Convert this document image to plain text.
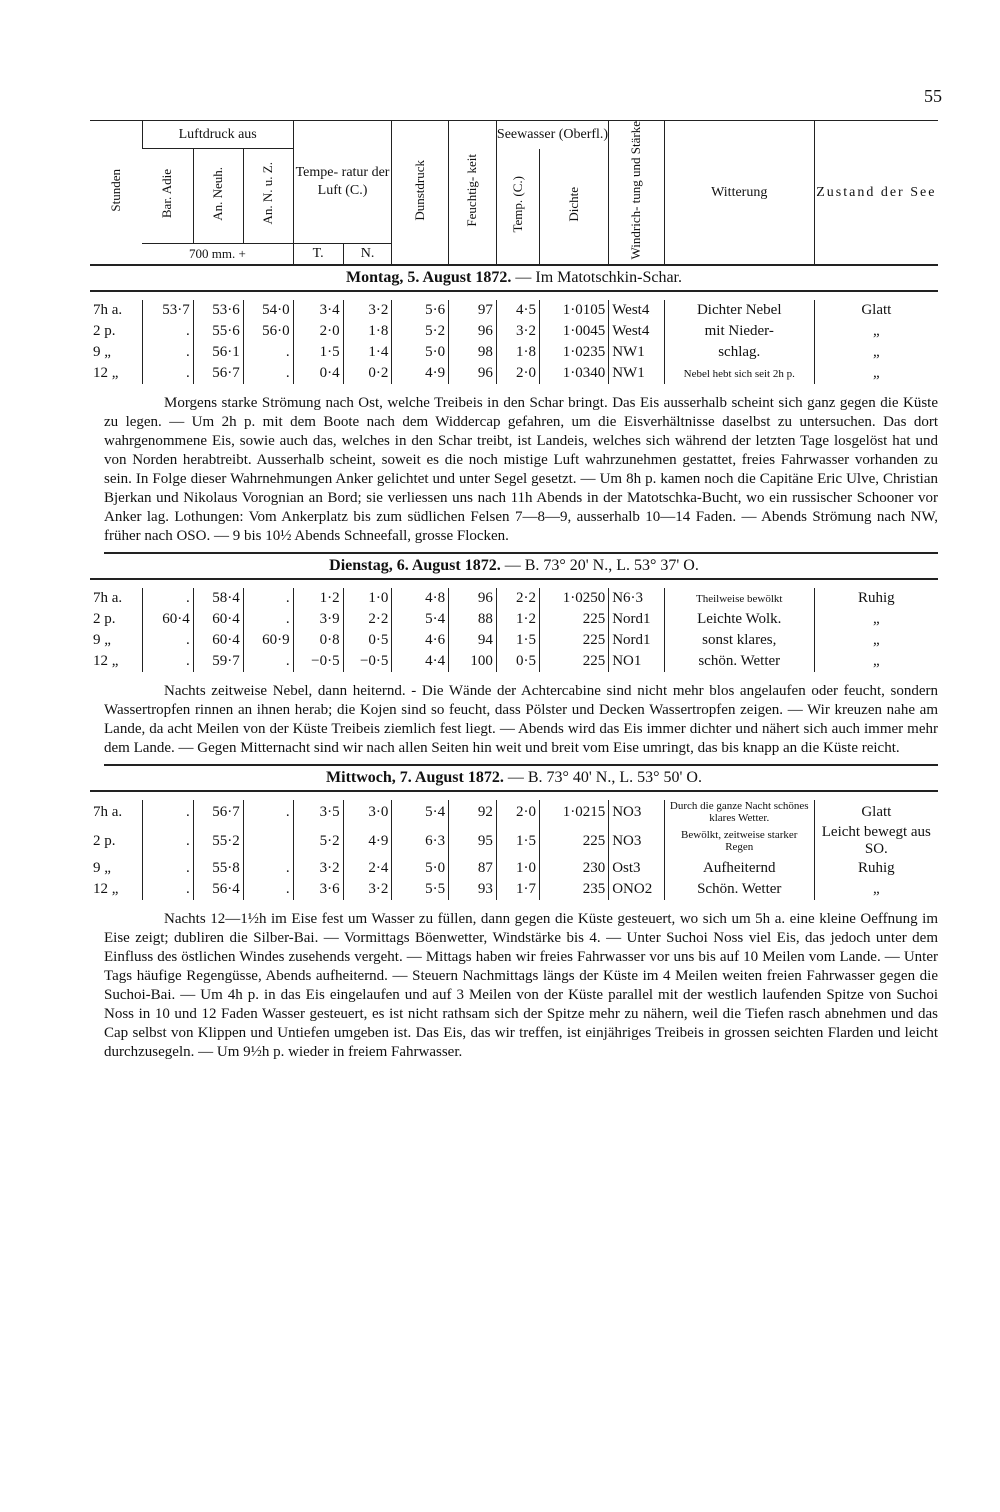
55
Stunden	Luftdruck aus			Tempe- ratur der Luft (C.)		Dunstdruck	Feuchtig- keit	Seewasser (Oberfl.)		Windrich- tung und Stärke	Witterung	Zustand der See
	Bar. Adie	An. Neuh.	An. N. u. Z.					Temp. (C.)	Dichte			
	700 mm. +			T.	N.							
Montag, 5. August 1872. — Im Matotschkin-Schar.
7h a.	53·7	53·6	54·0	3·4	3·2	5·6	97	4·5	1·0105	West4	Dichter Nebel	Glatt
2 p.	.	55·6	56·0	2·0	1·8	5·2	96	3·2	1·0045	West4	mit Nieder-	„
9 „	.	56·1	.	1·5	1·4	5·0	98	1·8	1·0235	NW1	schlag.	„
12 „	.	56·7	.	0·4	0·2	4·9	96	2·0	1·0340	NW1	Nebel hebt sich seit 2h p.	„
Morgens starke Strömung nach Ost, welche Treibeis in den Schar bringt. Das Eis ausserhalb scheint sich ganz gegen die Küste zu legen. — Um 2h p. mit dem Boote nach dem Widdercap gefahren, um die Eisverhältnisse daselbst zu untersuchen. Das dort wahrgenommene Eis, sowie auch das, welches in den Schar treibt, ist Landeis, welches sich während der letzten Tage losgelöst hat und von Norden herabtreibt. Ausserhalb scheint, soweit es die noch mistige Luft wahrzunehmen gestattet, freies Fahrwasser vorhanden zu sein. In Folge dieser Wahrnehmungen Anker gelichtet und unter Segel gesetzt. — Um 8h p. kamen noch die Capitäne Eric Ulve, Christian Bjerkan und Nikolaus Vorognian an Bord; sie verliessen uns nach 11h Abends in der Matotschka-Bucht, wo ein russischer Schooner vor Anker lag. Lothungen: Vom Ankerplatz bis zum südlichen Felsen 7—8—9, ausserhalb 10—14 Faden. — Abends Strömung nach NW, früher nach OSO. — 9 bis 10½ Abends Schneefall, grosse Flocken.
Dienstag, 6. August 1872. — B. 73° 20' N., L. 53° 37' O.
7h a.	.	58·4	.	1·2	1·0	4·8	96	2·2	1·0250	N6·3	Theilweise bewölkt	Ruhig
2 p.	60·4	60·4	.	3·9	2·2	5·4	88	1·2	225	Nord1	Leichte Wolk.	„
9 „	.	60·4	60·9	0·8	0·5	4·6	94	1·5	225	Nord1	sonst klares,	„
12 „	.	59·7	.	−0·5	−0·5	4·4	100	0·5	225	NO1	schön. Wetter	„
Nachts zeitweise Nebel, dann heiternd. - Die Wände der Achtercabine sind nicht mehr blos angelaufen oder feucht, sondern Wassertropfen rinnen an ihnen herab; die Kojen sind so feucht, dass Pölster und Decken Wassertropfen zeigen. — Wir kreuzen nahe am Lande, da acht Meilen von der Küste Treibeis ziemlich fest liegt. — Abends wird das Eis immer dichter und nähert sich auch immer mehr dem Lande. — Gegen Mitternacht sind wir nach allen Seiten hin weit und breit vom Eise umringt, das bis knapp an die Küste reicht.
Mittwoch, 7. August 1872. — B. 73° 40' N., L. 53° 50' O.
7h a.	.	56·7	.	3·5	3·0	5·4	92	2·0	1·0215	NO3	Durch die ganze Nacht schönes klares Wetter.	Glatt
2 p.	.	55·2		5·2	4·9	6·3	95	1·5	225	NO3	Bewölkt, zeitweise starker Regen	Leicht bewegt aus SO.
9 „	.	55·8	.	3·2	2·4	5·0	87	1·0	230	Ost3	Aufheiternd	Ruhig
12 „	.	56·4	.	3·6	3·2	5·5	93	1·7	235	ONO2	Schön. Wetter	„
Nachts 12—1½h im Eise fest um Wasser zu füllen, dann gegen die Küste gesteuert, wo sich um 5h a. eine kleine Oeffnung im Eise zeigt; dubliren die Silber-Bai. — Vormittags Böenwetter, Windstärke bis 4. — Unter Suchoi Noss viel Eis, das jedoch unter dem Einfluss des östlichen Windes zusehends vergeht. — Mittags haben wir freies Fahrwasser vor uns bis auf 10 Meilen vom Lande. — Unter Tags häufige Regengüsse, Abends aufheiternd. — Steuern Nachmittags längs der Küste im 4 Meilen weiten freien Fahrwasser gegen die Suchoi-Bai. — Um 4h p. in das Eis eingelaufen und auf 3 Meilen von der Küste parallel mit der westlich laufenden Spitze von Suchoi Noss in 10 und 12 Faden Wasser gesteuert, es ist nicht rathsam sich der Spitze mehr zu nähern, weil die Tiefen rasch abnehmen und das Cap selbst von Klippen und Untiefen umgeben ist. Das Eis, das wir treffen, ist einjähriges Treibeis in grossen seichten Flarden und leicht durchzusegeln. — Um 9½h p. wieder in freiem Fahrwasser.
